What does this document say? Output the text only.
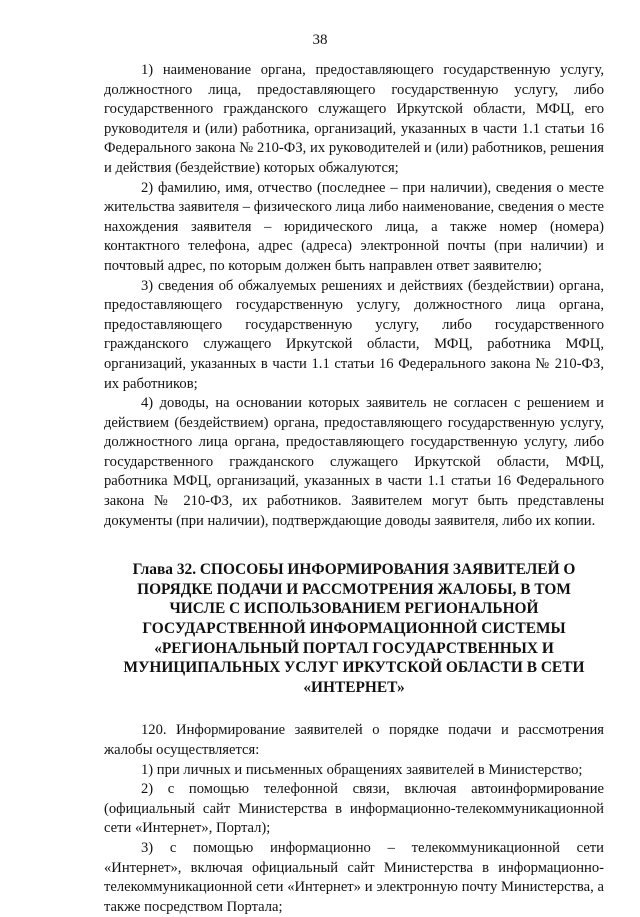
38

1) наименование органа, предоставляющего государственную услугу, должностного лица, предоставляющего государственную услугу, либо государственного гражданского служащего Иркутской области, МФЦ, его руководителя и (или) работника, организаций, указанных в части 1.1 статьи 16 Федерального закона № 210-ФЗ, их руководителей и (или) работников, решения и действия (бездействие) которых обжалуются;

2) фамилию, имя, отчество (последнее – при наличии), сведения о месте жительства заявителя – физического лица либо наименование, сведения о месте нахождения заявителя – юридического лица, а также номер (номера) контактного телефона, адрес (адреса) электронной почты (при наличии) и почтовый адрес, по которым должен быть направлен ответ заявителю;

3) сведения об обжалуемых решениях и действиях (бездействии) органа, предоставляющего государственную услугу, должностного лица органа, предоставляющего государственную услугу, либо государственного гражданского служащего Иркутской области, МФЦ, работника МФЦ, организаций, указанных в части 1.1 статьи 16 Федерального закона № 210-ФЗ, их работников;

4) доводы, на основании которых заявитель не согласен с решением и действием (бездействием) органа, предоставляющего государственную услугу, должностного лица органа, предоставляющего государственную услугу, либо государственного гражданского служащего Иркутской области, МФЦ, работника МФЦ, организаций, указанных в части 1.1 статьи 16 Федерального закона № 210-ФЗ, их работников. Заявителем могут быть представлены документы (при наличии), подтверждающие доводы заявителя, либо их копии.

Глава 32. СПОСОБЫ ИНФОРМИРОВАНИЯ ЗАЯВИТЕЛЕЙ О ПОРЯДКЕ ПОДАЧИ И РАССМОТРЕНИЯ ЖАЛОБЫ, В ТОМ ЧИСЛЕ С ИСПОЛЬЗОВАНИЕМ РЕГИОНАЛЬНОЙ ГОСУДАРСТВЕННОЙ ИНФОРМАЦИОННОЙ СИСТЕМЫ «РЕГИОНАЛЬНЫЙ ПОРТАЛ ГОСУДАРСТВЕННЫХ И МУНИЦИПАЛЬНЫХ УСЛУГ ИРКУТСКОЙ ОБЛАСТИ В СЕТИ «ИНТЕРНЕТ»

120. Информирование заявителей о порядке подачи и рассмотрения жалобы осуществляется:

1) при личных и письменных обращениях заявителей в Министерство;

2) с помощью телефонной связи, включая автоинформирование (официальный сайт Министерства в информационно-телекоммуникационной сети «Интернет», Портал);

3) с помощью информационно – телекоммуникационной сети «Интернет», включая официальный сайт Министерства в информационно-телекоммуникационной сети «Интернет» и электронную почту Министерства, а также посредством Портала;
